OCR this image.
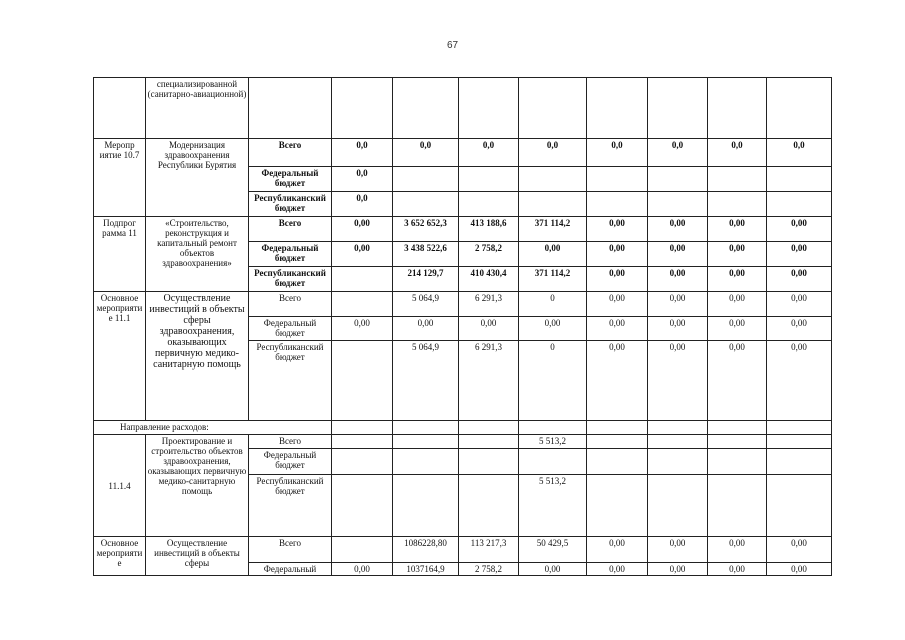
67
	специализированной (санитарно-авиационной)									
Меропр иятие 10.7	Модернизация здравоохранения Республики Бурятия	Всего	0,0	0,0	0,0	0,0	0,0	0,0	0,0	0,0
		Федеральный бюджет	0,0							
		Республиканский бюджет	0,0							
Подпрог рамма 11	«Строительство, реконструкция и капитальный ремонт объектов здравоохранения»	Всего	0,00	3 652 652,3	413 188,6	371 114,2	0,00	0,00	0,00	0,00
		Федеральный бюджет	0,00	3 438 522,6	2 758,2	0,00	0,00	0,00	0,00	0,00
		Республиканский бюджет		214 129,7	410 430,4	371 114,2	0,00	0,00	0,00	0,00
Основное мероприятие 11.1	Осуществление инвестиций в объекты сферы здравоохранения, оказывающих первичную медико-санитарную помощь	Всего		5 064,9	6 291,3	0	0,00	0,00	0,00	0,00
		Федеральный бюджет	0,00	0,00	0,00	0,00	0,00	0,00	0,00	0,00
		Республиканский бюджет		5 064,9	6 291,3	0	0,00	0,00	0,00	0,00
Направление расходов:										
11.1.4	Проектирование и строительство объектов здравоохранения, оказывающих первичную медико-санитарную помощь	Всего				5 513,2				
		Федеральный бюджет								
		Республиканский бюджет				5 513,2				
Основное мероприятие	Осуществление инвестиций в объекты сферы	Всего		1086228,80	113 217,3	50 429,5	0,00	0,00	0,00	0,00
		Федеральный	0,00	1037164,9	2 758,2	0,00	0,00	0,00	0,00	0,00
